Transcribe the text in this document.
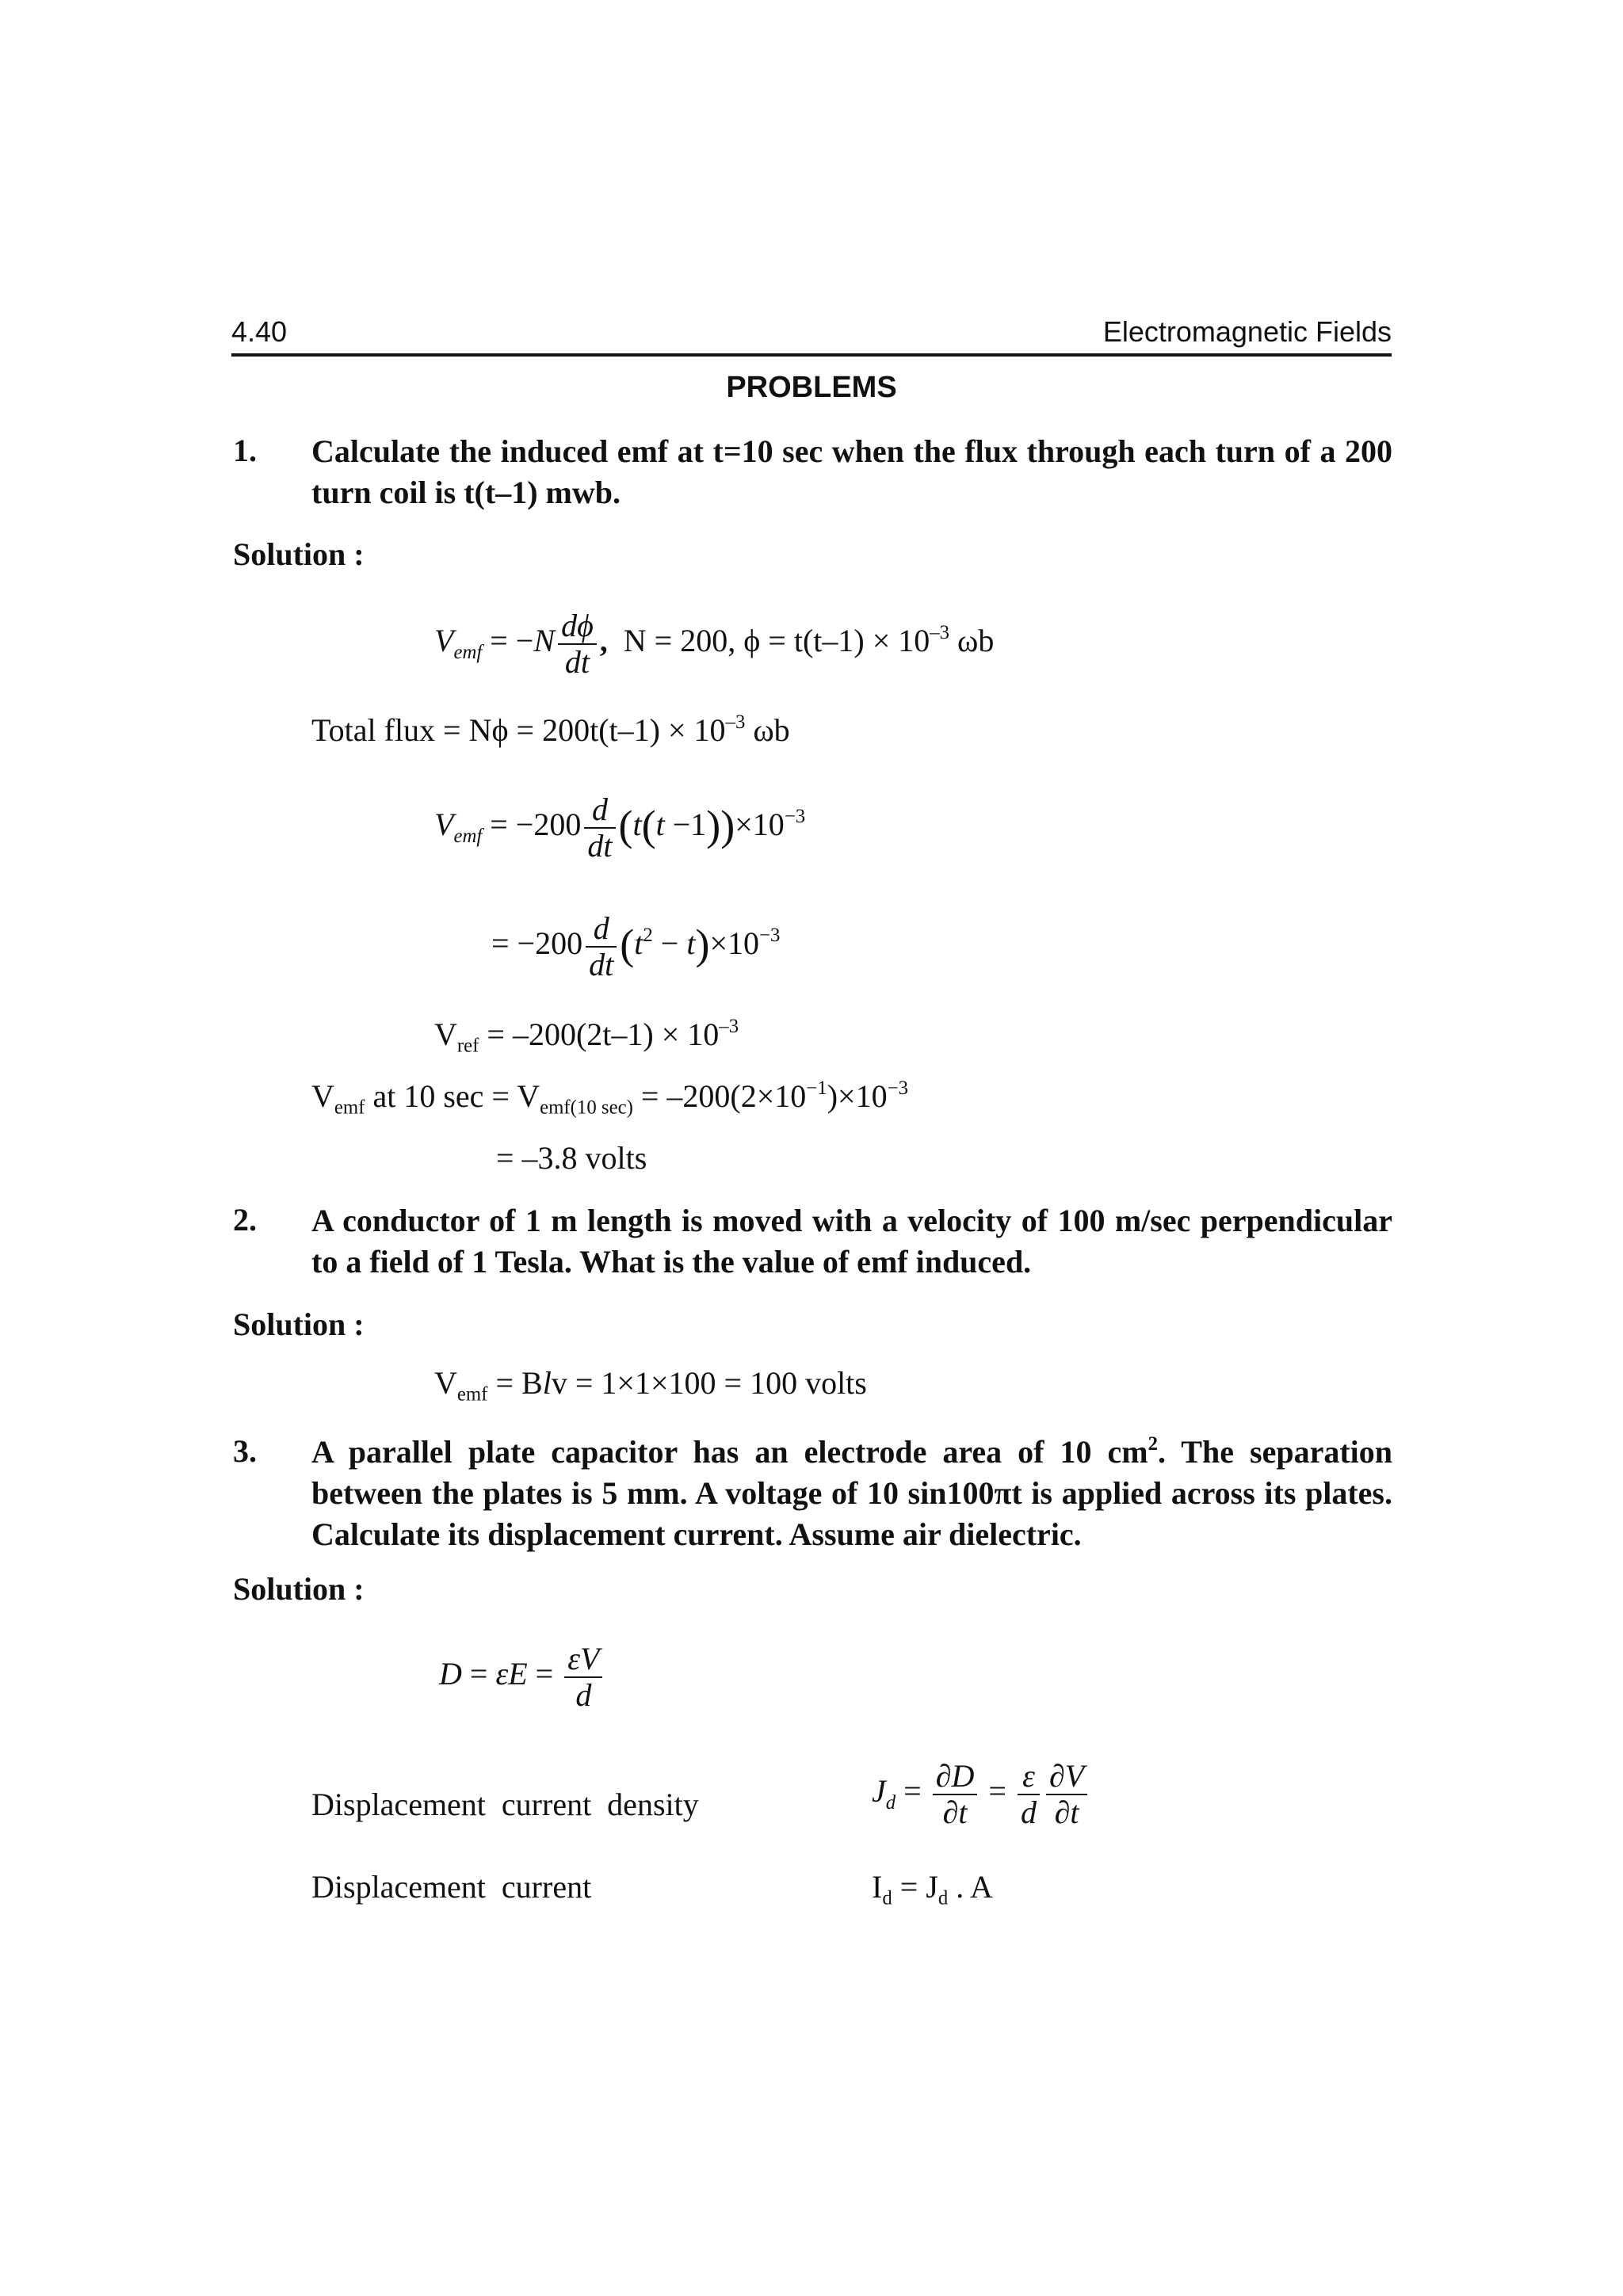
4.40	Electromagnetic Fields
PROBLEMS
1. Calculate the induced emf at t=10 sec when the flux through each turn of a 200 turn coil is t(t–1) mwb.
Solution :
$V_{emf} = -N \frac{d\phi}{dt}$ , N = 200, $\phi = t(t-1) \times 10^{-3}$ ωb
Total flux = $N\phi = 200t(t-1) \times 10^{-3}$ ωb
$V_{emf} = -200 \frac{d}{dt} (t(t -1))\times 10^{-3}$
= $-200 \frac{d}{dt} (t^2 - t)\times 10^{-3}$
$V_{ref} = -200(2t-1) \times 10^{-3}$
$V_{emf}$ at 10 $\sec = V_{emf(10 sec)} = -200(2\times 10^{-1})\times 10^{-3}$
= –3.8 volts
2. A conductor of 1 m length is moved with a velocity of 100 m/sec perpendicular to a field of 1 Tesla. What is the value of emf induced.
Solution :
$V_{emf}$ = Blv = 1×1×100 = 100 volts
3. A parallel plate capacitor has an electrode area of 10 $cm^2$. The separation
between the plates is 5 mm. A voltage of 10 sin100πt is applied across its plates.
Calculate its displacement current. Assume air dielectric.
Solution :
$D = \varepsilon E = \frac{\varepsilon V}{d}$
Displacement  current  density	$J_d = \frac{\partial D}{\partial t} = \frac{\varepsilon}{d} \frac{\partial V}{\partial t}$
Displacement  current	$I_d = J_d$ . A
